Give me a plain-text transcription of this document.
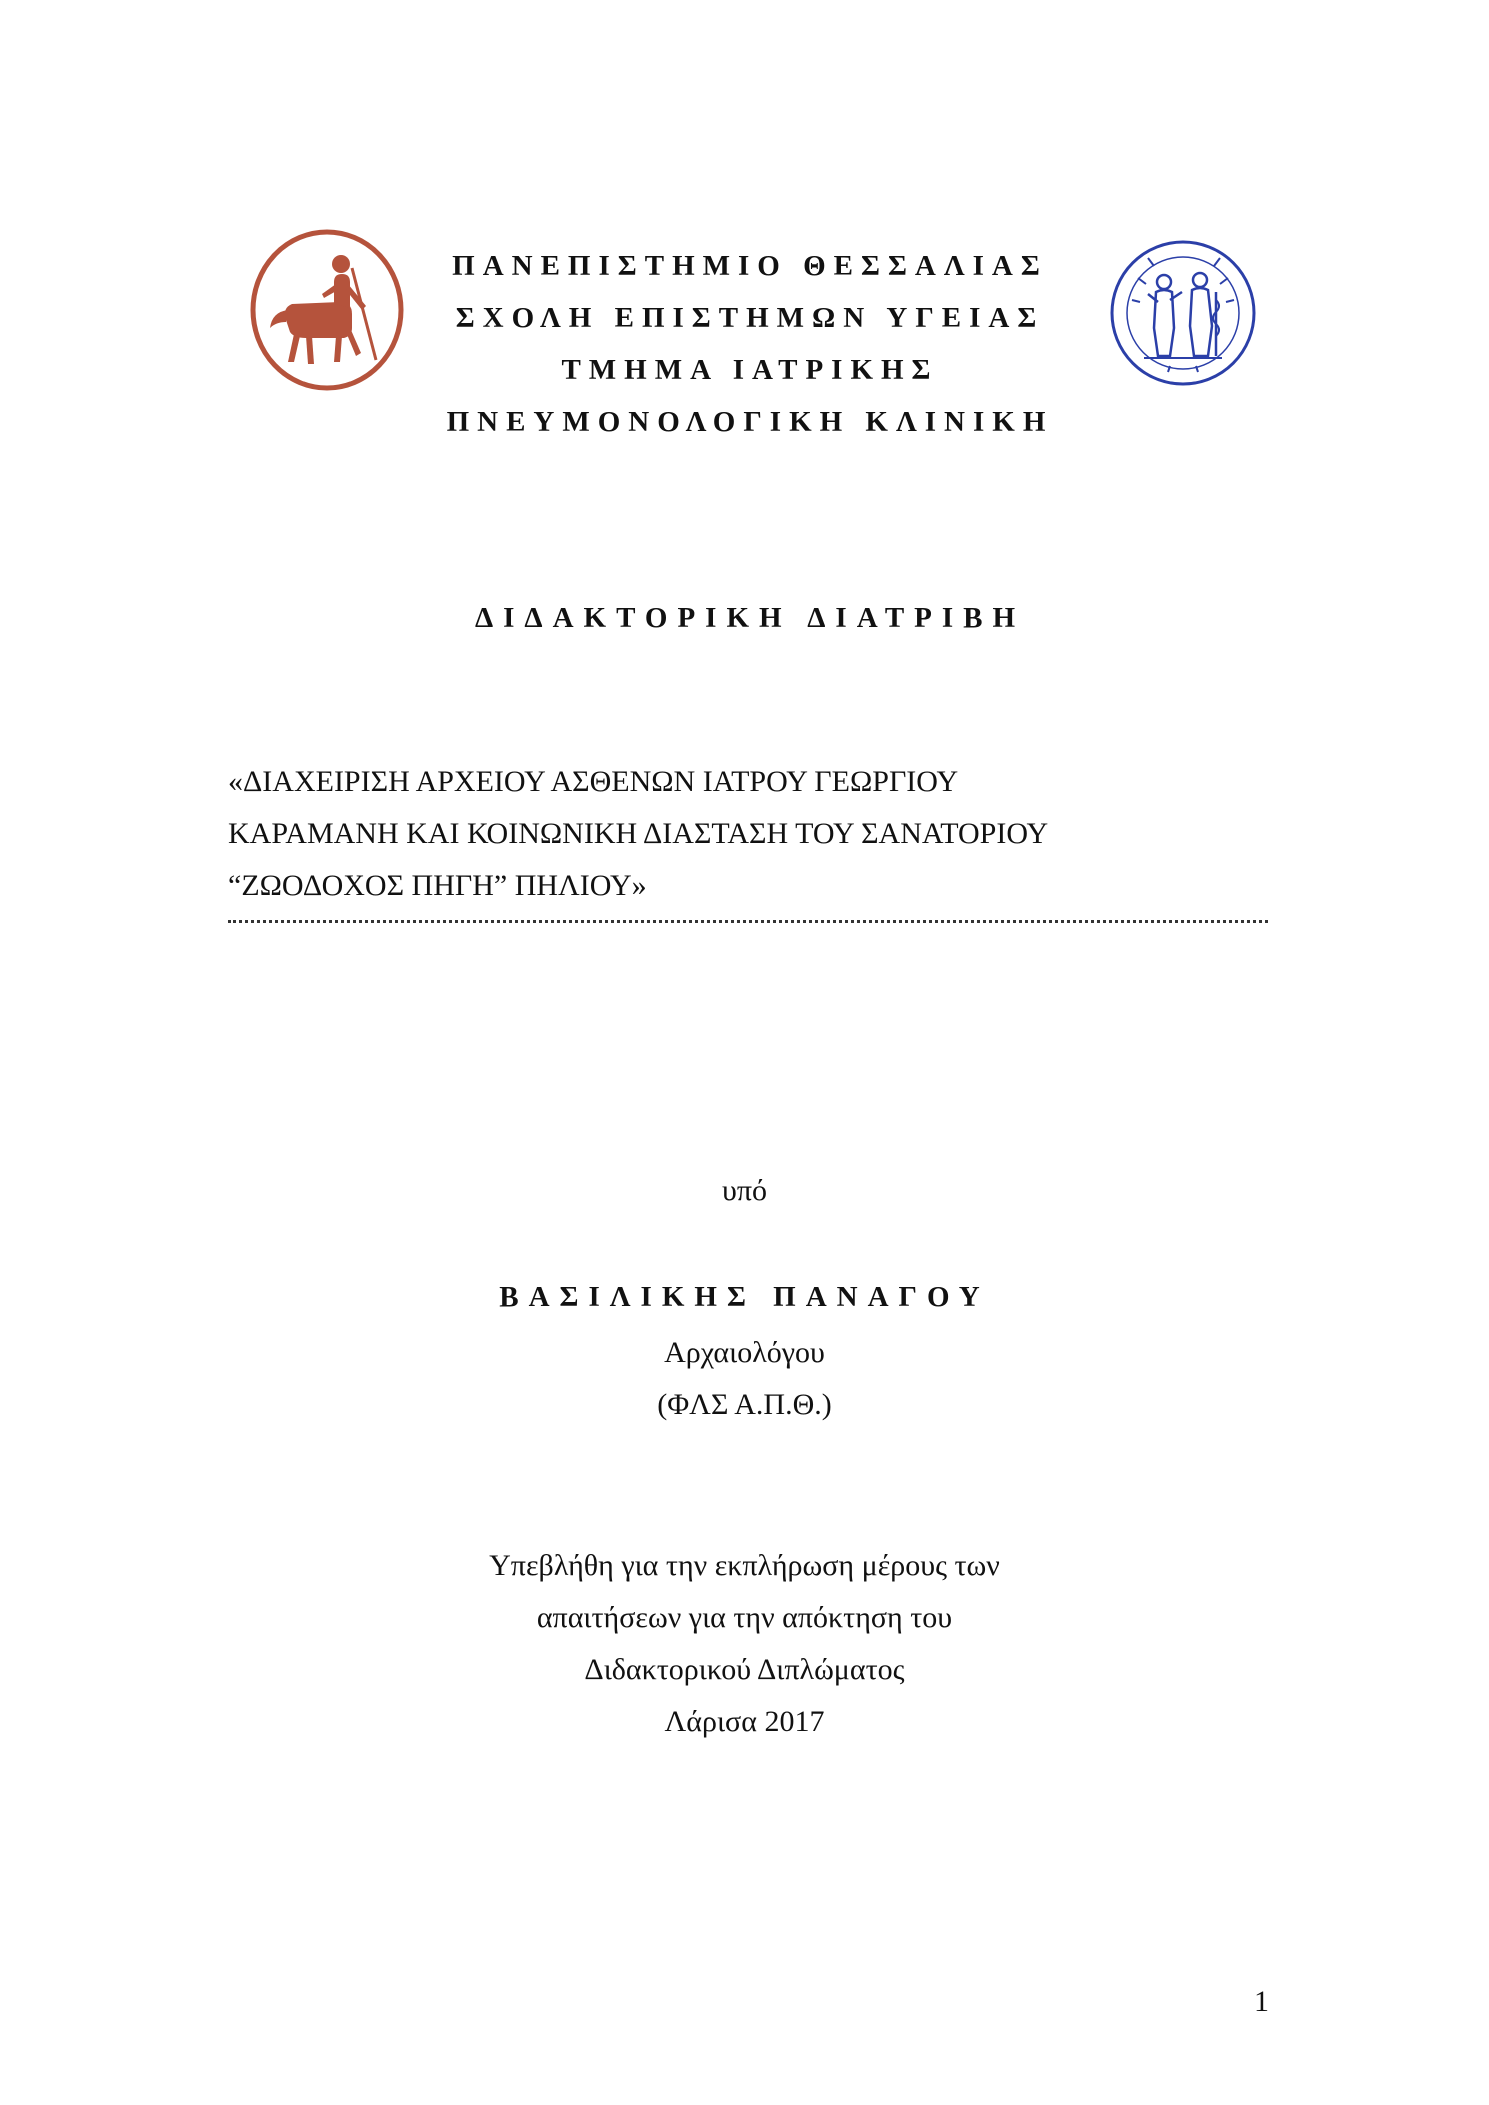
ΠΑΝΕΠΙΣΤΗΜΙΟ ΘΕΣΣΑΛΙΑΣ
ΣΧΟΛΗ ΕΠΙΣΤΗΜΩΝ ΥΓΕΙΑΣ
ΤΜΗΜΑ ΙΑΤΡΙΚΗΣ
ΠΝΕΥΜΟΝΟΛΟΓΙΚΗ ΚΛΙΝΙΚΗ
ΔΙΔΑΚΤΟΡΙΚΗ ΔΙΑΤΡΙΒΗ
«ΔΙΑΧΕΙΡΙΣΗ ΑΡΧΕΙΟΥ ΑΣΘΕΝΩΝ ΙΑΤΡΟΥ ΓΕΩΡΓΙΟΥ
ΚΑΡΑΜΑΝΗ ΚΑΙ ΚΟΙΝΩΝΙΚΗ ΔΙΑΣΤΑΣΗ ΤΟΥ ΣΑΝΑΤΟΡΙΟΥ
“ΖΩΟΔΟΧΟΣ ΠΗΓΗ” ΠΗΛΙΟΥ»
υπό
ΒΑΣΙΛΙΚΗΣ ΠΑΝΑΓΟΥ
Αρχαιολόγου
(ΦΛΣ Α.Π.Θ.)
Υπεβλήθη για την εκπλήρωση μέρους των
απαιτήσεων για την απόκτηση του
Διδακτορικού Διπλώματος
Λάρισα 2017
1
